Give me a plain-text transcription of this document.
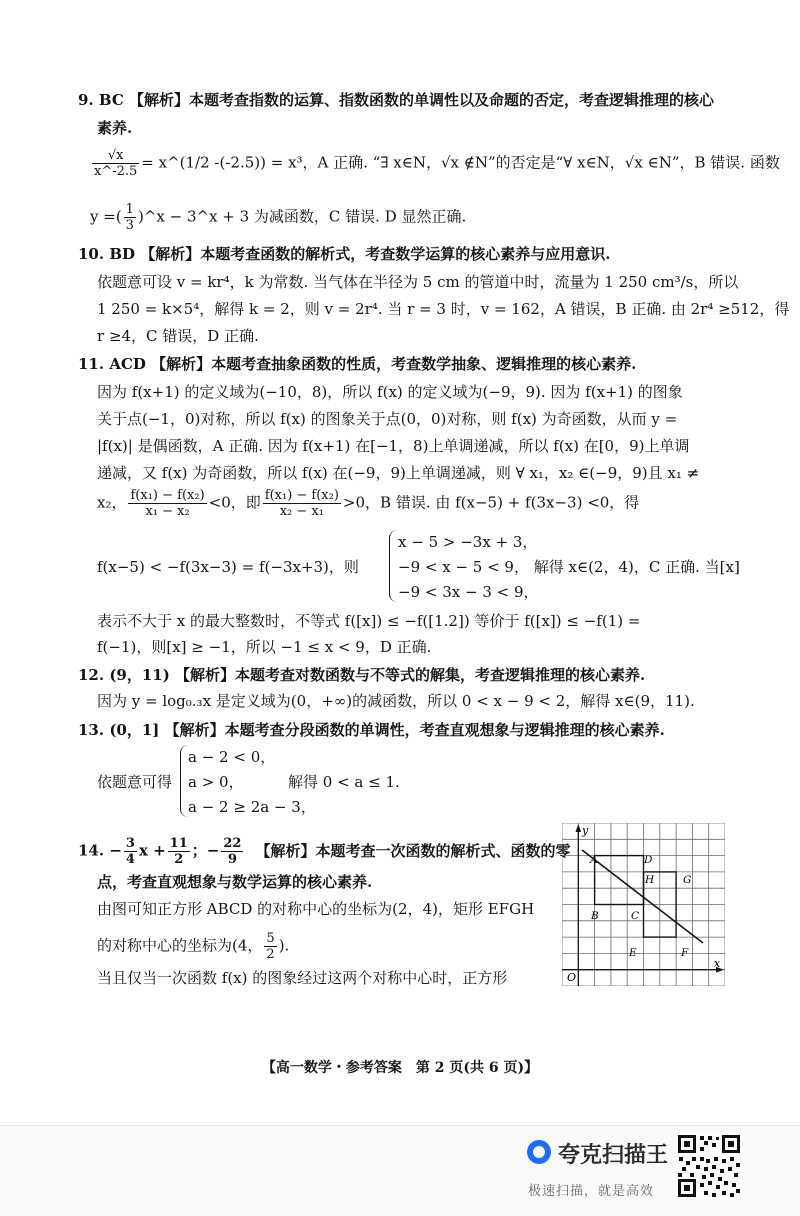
9. BC 【解析】本题考查指数的运算、指数函数的单调性以及命题的否定，考查逻辑推理的核心
素养.
$\frac{√x}{x\^{}-2.5}$ = x^(1/2 -(-2.5)) = x³，A 正确. “∃ x∈N，√x ∉N”的否定是“∀ x∈N，√x ∈N”，B 错误. 函数
y =( $\frac{1}{3}$ )^x − 3^x + 3 为减函数，C 错误. D 显然正确.
10. BD 【解析】本题考查函数的解析式，考查数学运算的核心素养与应用意识.
依题意可设 v = kr⁴，k 为常数. 当气体在半径为 5 cm 的管道中时，流量为 1 250 cm³/s，所以
1 250 = k×5⁴，解得 k = 2，则 v = 2r⁴. 当 r = 3 时，v = 162，A 错误，B 正确. 由 2r⁴ ≥512，得
r ≥4，C 错误，D 正确.
11. ACD 【解析】本题考查抽象函数的性质，考查数学抽象、逻辑推理的核心素养.
因为 f(x+1) 的定义域为(−10，8)，所以 f(x) 的定义域为(−9，9). 因为 f(x+1) 的图象
关于点(−1，0)对称，所以 f(x) 的图象关于点(0，0)对称，则 f(x) 为奇函数，从而 y =
|f(x)| 是偶函数，A 正确. 因为 f(x+1) 在[−1，8)上单调递减，所以 f(x) 在[0，9)上单调
递减，又 f(x) 为奇函数，所以 f(x) 在(−9，9)上单调递减，则 ∀ x₁，x₂ ∈(−9，9)且 x₁ ≠
x₂， $\frac{\text{f(x₁) − f(x₂)}}{\text{x₁ − x₂}} <0$，即 $\frac{\text{f(x₁) − f(x₂)}}{\text{x₂ − x₁}} >0$，B 错误. 由 f(x−5) + f(3x−3) <0，得
x − 5 > −3x + 3，
f(x−5) < −f(3x−3) = f(−3x+3)，则	−9 < x − 5 < 9， 解得 x∈(2，4)，C 正确. 当[x]
−9 < 3x − 3 < 9，
表示不大于 x 的最大整数时，不等式 f([x]) ≤ −f([1.2]) 等价于 f([x]) ≤ −f(1) =
f(−1)，则[x] ≥ −1，所以 −1 ≤ x < 9，D 正确.
12. (9，11) 【解析】本题考查对数函数与不等式的解集，考查逻辑推理的核心素养.
因为 y = log₀.₃x 是定义域为(0，+∞)的减函数，所以 0 < x − 9 < 2，解得 x∈(9，11).
13. (0，1] 【解析】本题考查分段函数的单调性，考查直观想象与逻辑推理的核心素养.
a − 2 < 0，
依题意可得 a > 0，	解得 0 < a ≤ 1.
a − 2 ≥ 2a − 3，
14. − $\frac{3}{4}$ $x + \frac{11}{2}$ ；− $\frac{22}{9}$ 【解析】本题考查一次函数的解析式、函数的零
点，考查直观想象与数学运算的核心素养.
由图可知正方形 ABCD 的对称中心的坐标为(2，4)，矩形 EFGH
的对称中心的坐标为(4， $\frac{5}{2}$ ).
当且仅当一次函数 f(x) 的图象经过这两个对称中心时，正方形
y
x
O
A
B	C
D
E	F
G
H
【高一数学・参考答案　第 2 页(共 6 页)】
夸克扫描王
极速扫描，就是高效
